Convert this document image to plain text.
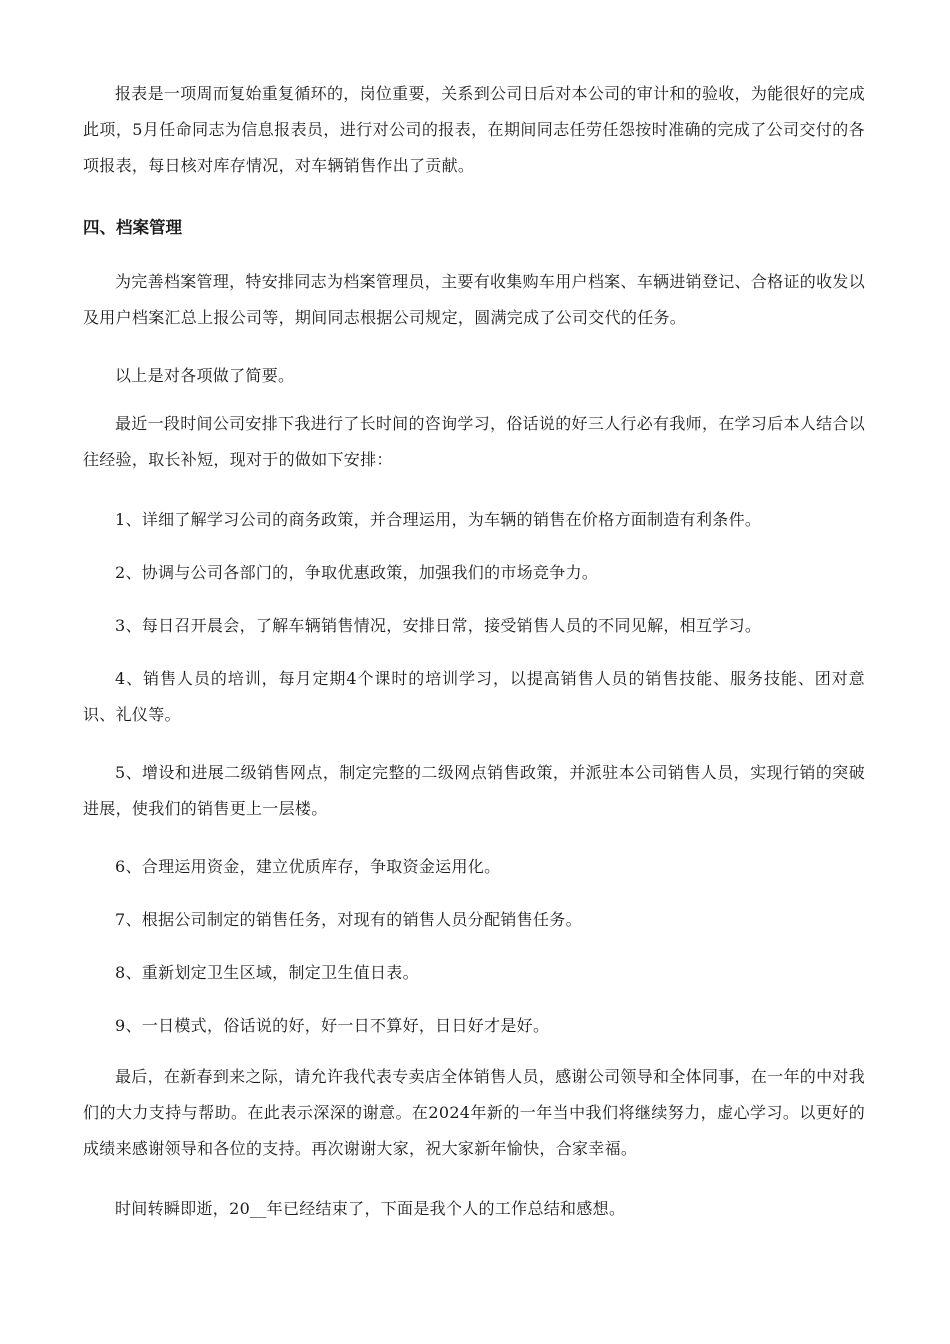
报表是一项周而复始重复循环的，岗位重要，关系到公司日后对本公司的审计和的验收，为能很好的完成此项，5月任命同志为信息报表员，进行对公司的报表，在期间同志任劳任怨按时准确的完成了公司交付的各项报表，每日核对库存情况，对车辆销售作出了贡献。

四、档案管理

为完善档案管理，特安排同志为档案管理员，主要有收集购车用户档案、车辆进销登记、合格证的收发以及用户档案汇总上报公司等，期间同志根据公司规定，圆满完成了公司交代的任务。

以上是对各项做了简要。

最近一段时间公司安排下我进行了长时间的咨询学习，俗话说的好三人行必有我师，在学习后本人结合以往经验，取长补短，现对于的做如下安排：

1、详细了解学习公司的商务政策，并合理运用，为车辆的销售在价格方面制造有利条件。

2、协调与公司各部门的，争取优惠政策，加强我们的市场竞争力。

3、每日召开晨会，了解车辆销售情况，安排日常，接受销售人员的不同见解，相互学习。

4、销售人员的培训，每月定期4个课时的培训学习，以提高销售人员的销售技能、服务技能、团对意识、礼仪等。

5、增设和进展二级销售网点，制定完整的二级网点销售政策，并派驻本公司销售人员，实现行销的突破进展，使我们的销售更上一层楼。

6、合理运用资金，建立优质库存，争取资金运用化。

7、根据公司制定的销售任务，对现有的销售人员分配销售任务。

8、重新划定卫生区域，制定卫生值日表。

9、一日模式，俗话说的好，好一日不算好，日日好才是好。

最后，在新春到来之际，请允许我代表专卖店全体销售人员，感谢公司领导和全体同事，在一年的中对我们的大力支持与帮助。在此表示深深的谢意。在2024年新的一年当中我们将继续努力，虚心学习。以更好的成绩来感谢领导和各位的支持。再次谢谢大家，祝大家新年愉快，合家幸福。

时间转瞬即逝，20__年已经结束了，下面是我个人的工作总结和感想。
